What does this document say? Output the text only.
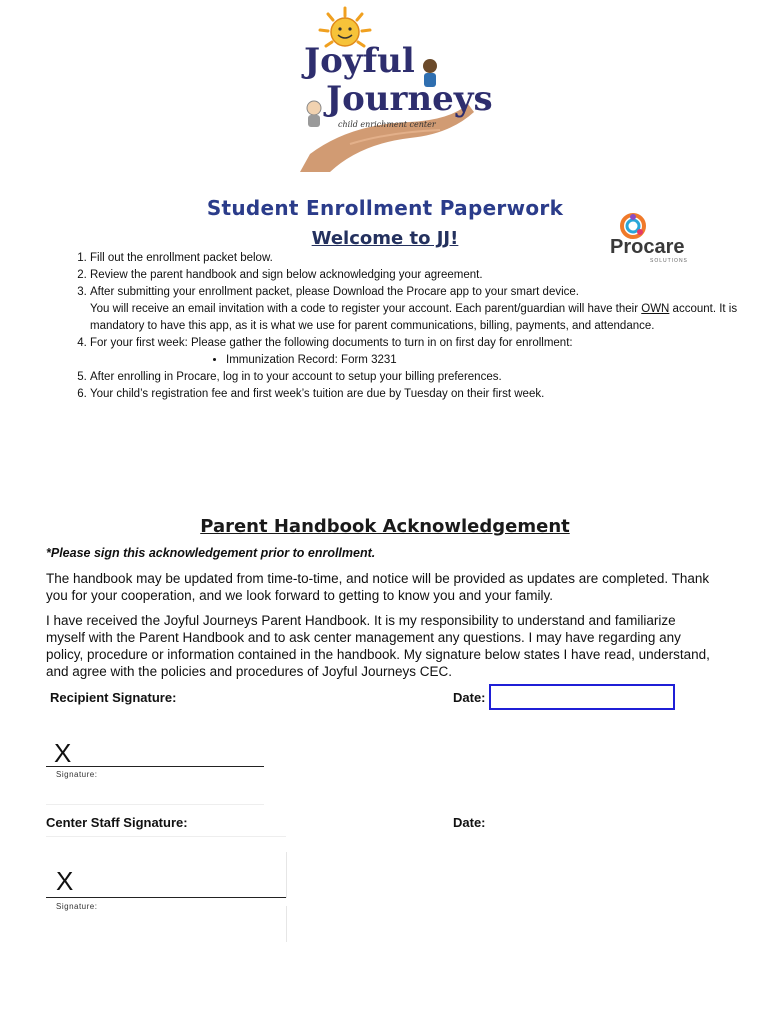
Joyful
Journeys
child enrichment center
Student Enrollment Paperwork
Welcome to JJ!	Procare
SOLUTIONS
1. Fill out the enrollment packet below.
2. Review the parent handbook and sign below acknowledging your agreement.
3. After submitting your enrollment packet, please Download the Procare app to your smart device.
You will receive an email invitation with a code to register your account. Each parent/guardian will have their OWN account. It is mandatory to have this app, as it is what we use for parent communications, billing, payments, and attendance.
4. For your first week: Please gather the following documents to turn in on first day for enrollment:
• Immunization Record: Form 3231
5. After enrolling in Procare, log in to your account to setup your billing preferences.
6. Your child’s registration fee and first week’s tuition are due by Tuesday on their first week.
Parent Handbook Acknowledgement
*Please sign this acknowledgement prior to enrollment.
The handbook may be updated from time-to-time, and notice will be provided as updates are completed. Thank you for your cooperation, and we look forward to getting to know you and your family.
I have received the Joyful Journeys Parent Handbook. It is my responsibility to understand and familiarize myself with the Parent Handbook and to ask center management any questions. I may have regarding any policy, procedure or information contained in the handbook. My signature below states I have read, understand, and agree with the policies and procedures of Joyful Journeys CEC.
Recipient Signature:	Date:
X
Signature:
Center Staff Signature:	Date:
X
Signature:
